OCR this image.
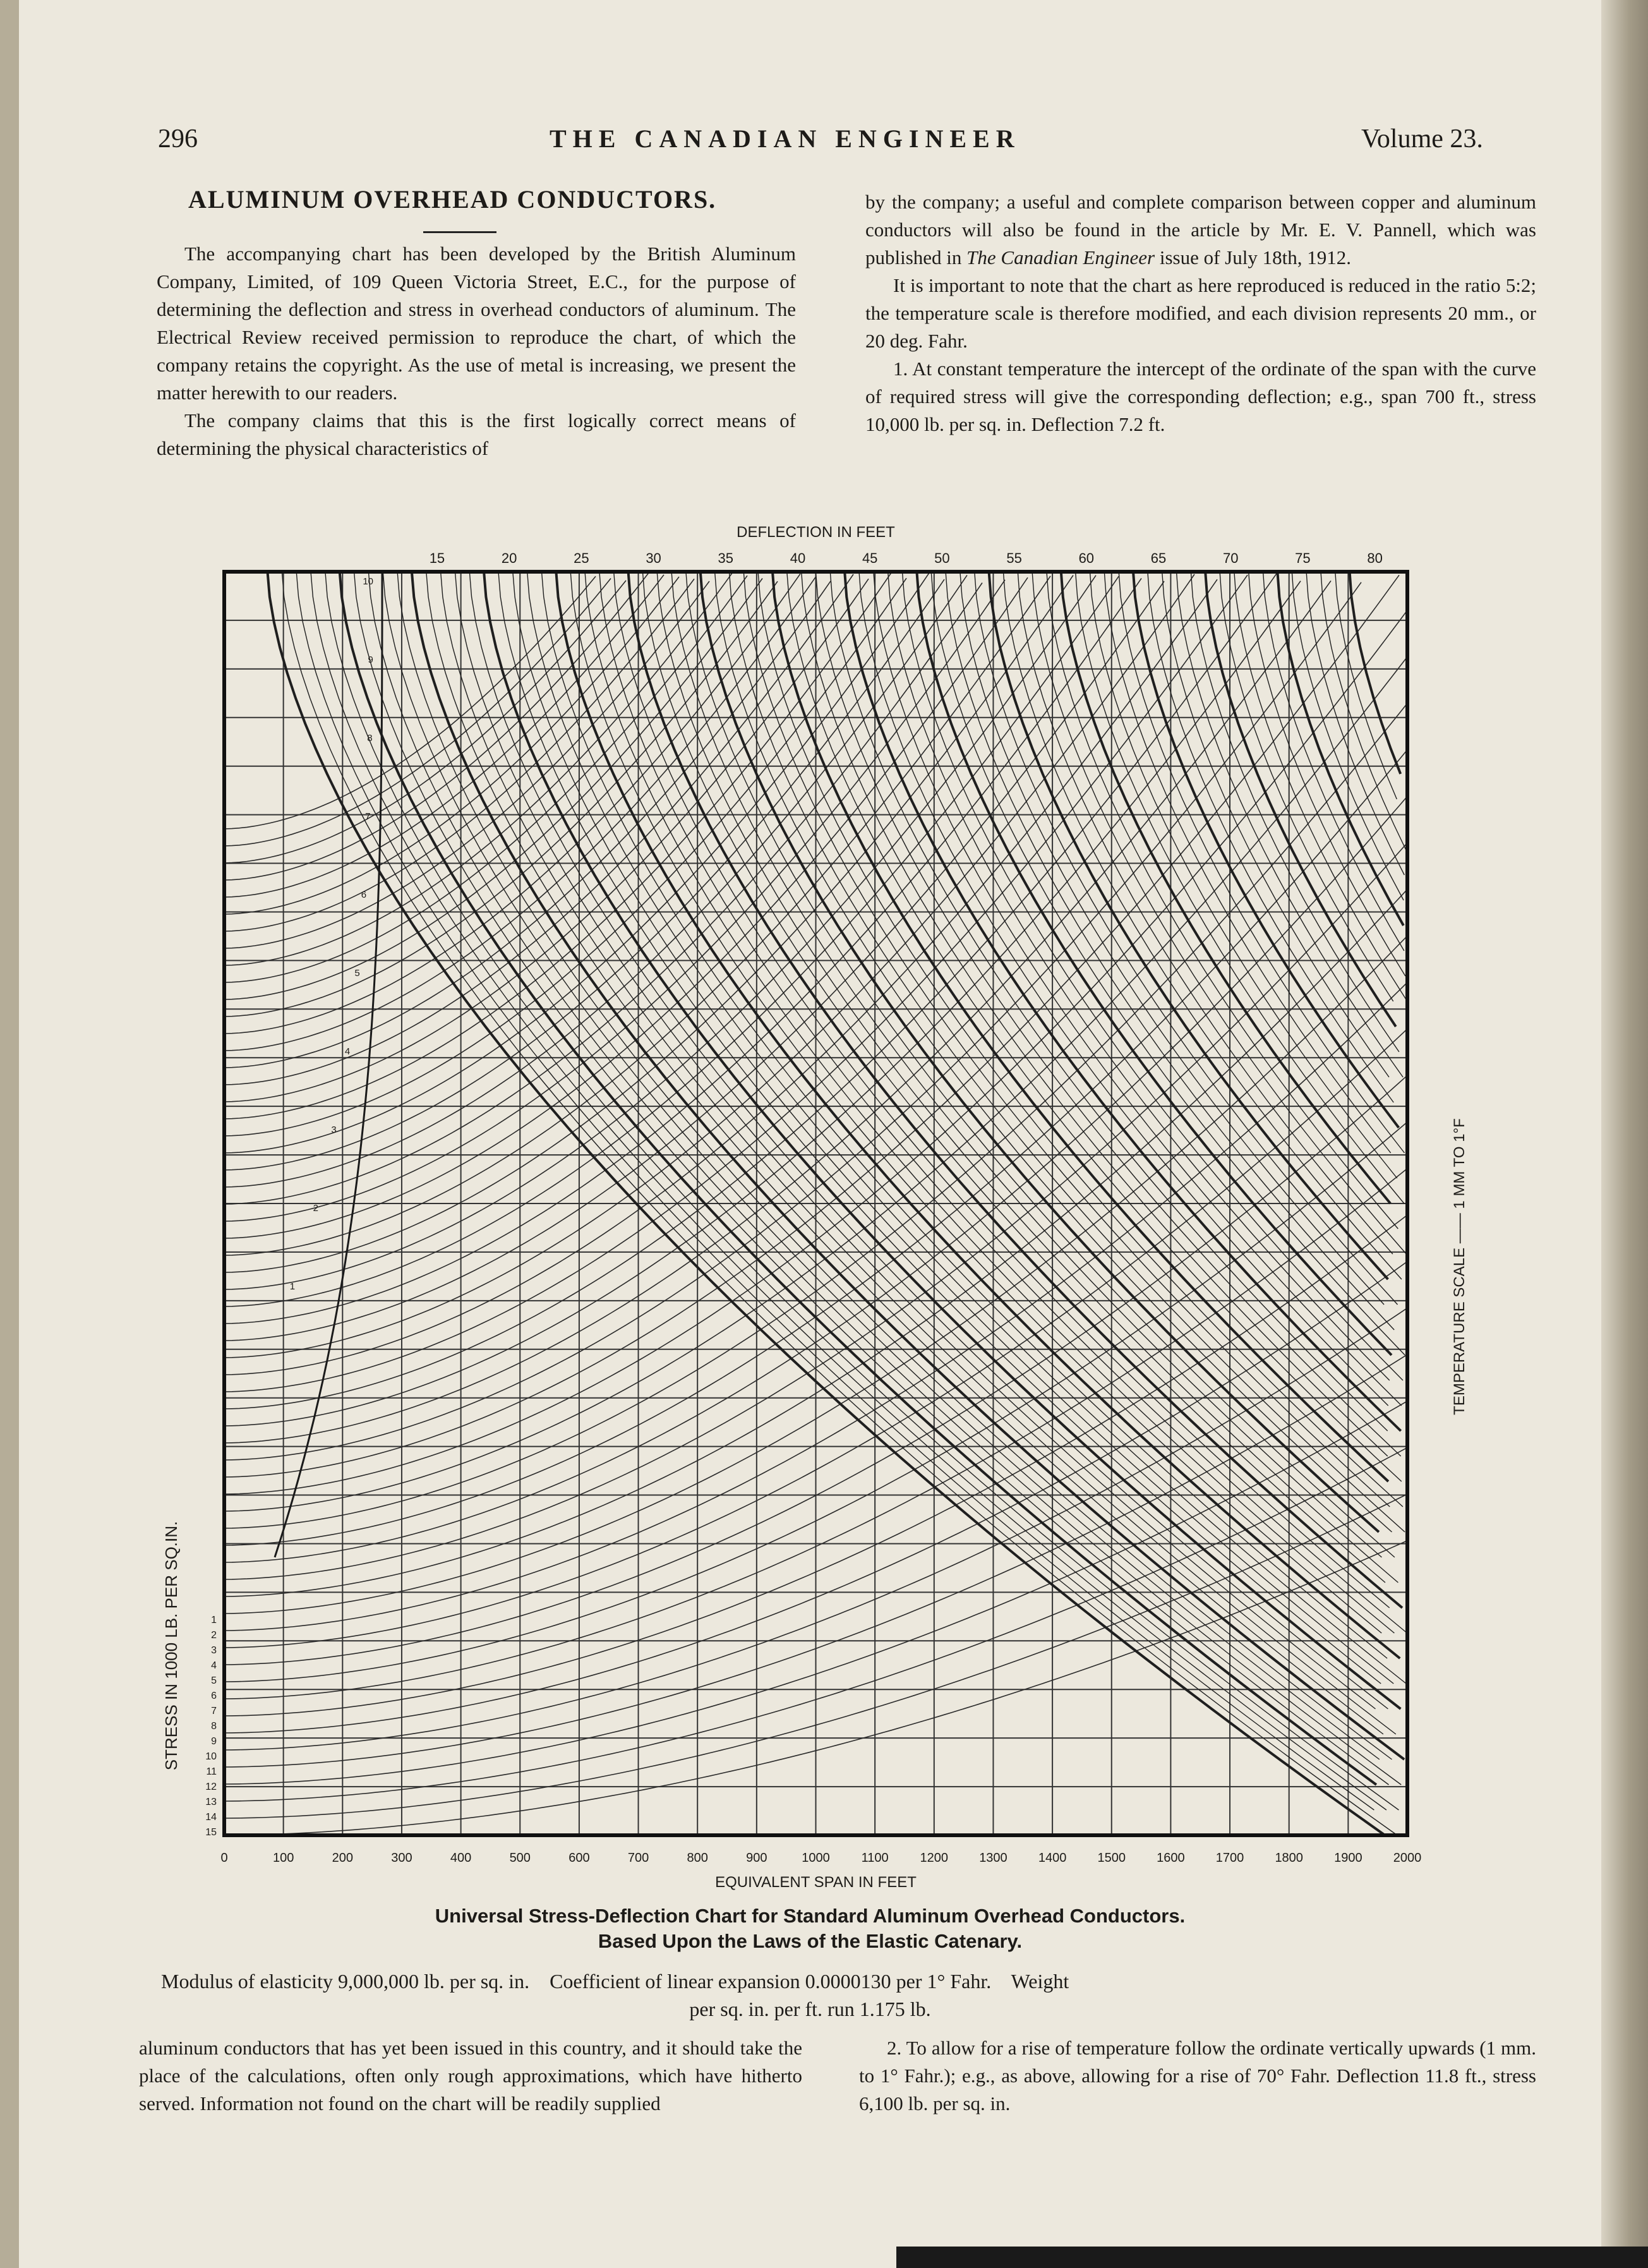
296	THE CANADIAN ENGINEER	Volume 23.
ALUMINUM OVERHEAD CONDUCTORS.

The accompanying chart has been developed by the British Aluminum Company, Limited, of 109 Queen Victoria Street, E.C., for the purpose of determining the deflection and stress in overhead conductors of aluminum. The Electrical Review received permission to reproduce the chart, of which the company retains the copyright. As the use of metal is increasing, we present the matter herewith to our readers.

The company claims that this is the first logically correct means of determining the physical characteristics of

by the company; a useful and complete comparison between copper and aluminum conductors will also be found in the article by Mr. E. V. Pannell, which was published in The Canadian Engineer issue of July 18th, 1912.

It is important to note that the chart as here reproduced is reduced in the ratio 5:2; the temperature scale is therefore modified, and each division represents 20 mm., or 20 deg. Fahr.

1. At constant temperature the intercept of the ordinate of the span with the curve of required stress will give the corresponding deflection; e.g., span 700 ft., stress 10,000 lb. per sq. in. Deflection 7.2 ft.

Universal Stress-Deflection Chart for Standard Aluminum Overhead Conductors.
Based Upon the Laws of the Elastic Catenary.
Modulus of elasticity 9,000,000 lb. per sq. in.    Coefficient of linear expansion 0.0000130 per 1° Fahr.    Weight
per sq. in. per ft. run 1.175 lb.

aluminum conductors that has yet been issued in this country, and it should take the place of the calculations, often only rough approximations, which have hitherto served. Information not found on the chart will be readily supplied

2. To allow for a rise of temperature follow the ordinate vertically upwards (1 mm. to 1° Fahr.); e.g., as above, allowing for a rise of 70° Fahr. Deflection 11.8 ft., stress 6,100 lb. per sq. in.

0	100	200	300	400	500	600	700	800	900	1000 1100 1200 1300 1400 1500 1600 1700 1800 1900 2000
15	20	25	30	35	40	45	50	55	60	65	70	75	80
1
2
3
4
5
6
7
8
9
10
11
12
13
14
15
1
2
3
4
5
6
7
8
9
10
DEFLECTION IN FEET
EQUIVALENT SPAN IN FEET
STRESS IN 1000 LB. PER SQ.IN.
TEMPERATURE SCALE —— 1 MM TO 1°F
